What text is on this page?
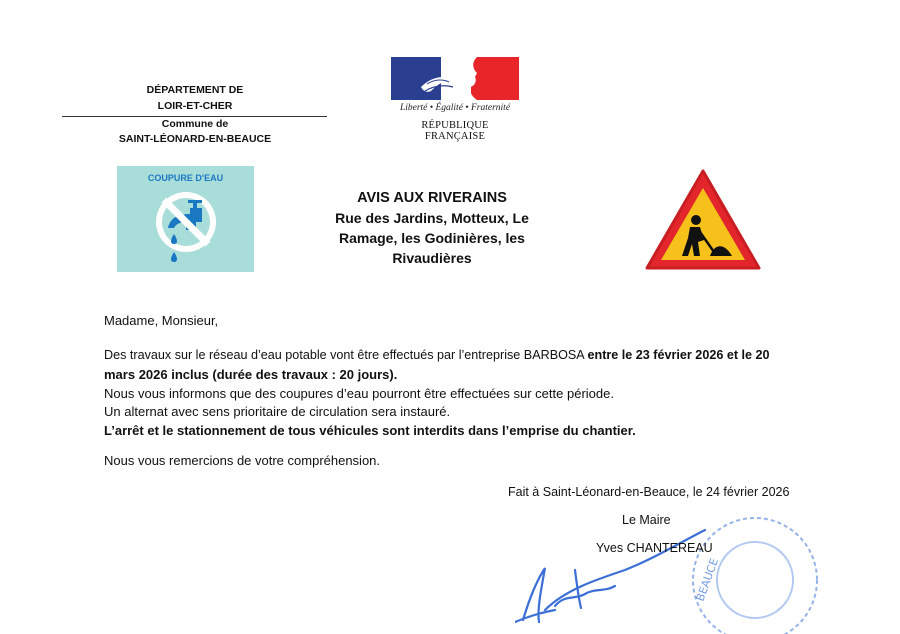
DÉPARTEMENT DE
LOIR-ET-CHER
Commune de
SAINT-LÉONARD-EN-BEAUCE
Liberté • Égalité • Fraternité
RÉPUBLIQUE FRANÇAISE
COUPURE D'EAU
AVIS AUX RIVERAINS
Rue des Jardins, Motteux, Le
Ramage, les Godinières, les
Rivaudières
Madame, Monsieur,
Des travaux sur le réseau d’eau potable vont être effectués par l’entreprise BARBOSA entre le 23 février 2026 et le 20
mars 2026 inclus (durée des travaux : 20 jours).
Nous vous informons que des coupures d’eau pourront être effectuées sur cette période.
Un alternat avec sens prioritaire de circulation sera instauré.
L’arrêt et le stationnement de tous véhicules sont interdits dans l’emprise du chantier.
Nous vous remercions de votre compréhension.
BEAUCE
Fait à Saint-Léonard-en-Beauce, le 24 février 2026
Le Maire
Yves CHANTEREAU
